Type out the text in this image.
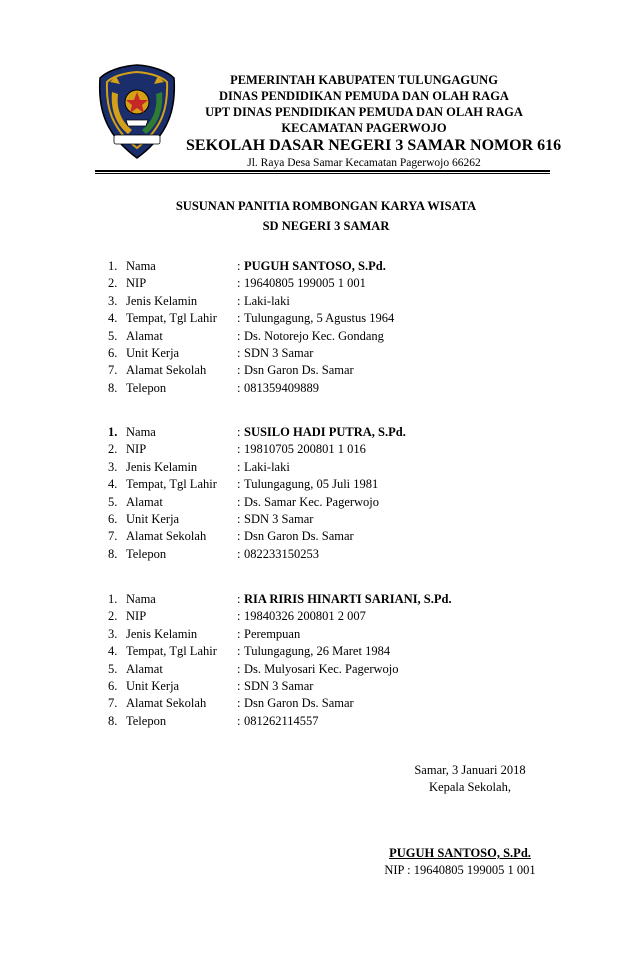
PEMERINTAH KABUPATEN TULUNGAGUNG
DINAS PENDIDIKAN PEMUDA DAN OLAH RAGA
UPT DINAS PENDIDIKAN PEMUDA DAN OLAH RAGA
KECAMATAN PAGERWOJO
SEKOLAH DASAR NEGERI 3 SAMAR NOMOR 616
Jl. Raya Desa Samar Kecamatan Pagerwojo 66262
SUSUNAN PANITIA ROMBONGAN KARYA WISATA
SD NEGERI 3 SAMAR
1. Nama	: PUGUH SANTOSO, S.Pd.
2. NIP	: 19640805 199005 1 001
3. Jenis Kelamin	: Laki-laki
4. Tempat, Tgl Lahir : Tulungagung, 5 Agustus 1964
5. Alamat	: Ds. Notorejo Kec. Gondang
6. Unit Kerja	: SDN 3 Samar
7. Alamat Sekolah : Dsn Garon Ds. Samar
8. Telepon	: 081359409889
1. Nama	: SUSILO HADI PUTRA, S.Pd.
2. NIP	: 19810705 200801 1 016
3. Jenis Kelamin	: Laki-laki
4. Tempat, Tgl Lahir : Tulungagung, 05 Juli 1981
5. Alamat	: Ds. Samar Kec. Pagerwojo
6. Unit Kerja	: SDN 3 Samar
7. Alamat Sekolah : Dsn Garon Ds. Samar
8. Telepon	: 082233150253
1. Nama	: RIA RIRIS HINARTI SARIANI, S.Pd.
2. NIP	: 19840326 200801 2 007
3. Jenis Kelamin	: Perempuan
4. Tempat, Tgl Lahir : Tulungagung, 26 Maret 1984
5. Alamat	: Ds. Mulyosari Kec. Pagerwojo
6. Unit Kerja	: SDN 3 Samar
7. Alamat Sekolah : Dsn Garon Ds. Samar
8. Telepon	: 081262114557
Samar, 3 Januari 2018
Kepala Sekolah,
PUGUH SANTOSO, S.Pd.
NIP : 19640805 199005 1 001
